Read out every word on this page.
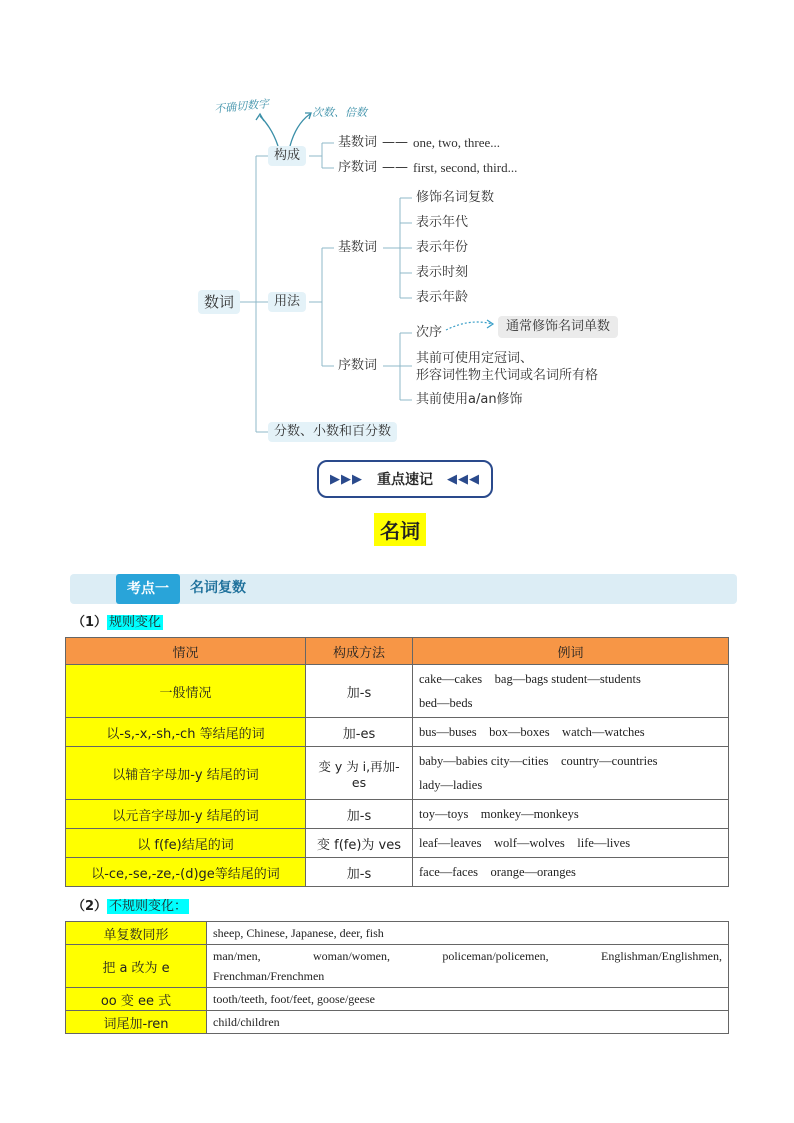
不确切数字	次数、倍数
数词
构成
用法
分数、小数和百分数
基数词 —— one, two, three...
序数词 —— first, second, third...
基数词
修饰名词复数
表示年代
表示年份
表示时刻
表示年龄
序数词
次序
其前可使用定冠词、
形容词性物主代词或名词所有格
其前使用a/an修饰
通常修饰名词单数
▶▶▶ 重点速记 ◀◀◀
名词
考点一	名词复数
（1） 规则变化
情况	构成方法	例词
一般情况	加-s	cake—cakes    bag—bags student—students
bed—beds

以-s,-x,-sh,-ch 等结尾的词	加-es	bus—buses    box—boxes    watch—watches

以辅音字母加-y 结尾的词	变 y 为 i,再加-es	baby—babies city—cities    country—countries
lady—ladies

以元音字母加-y 结尾的词	加-s	toy—toys    monkey—monkeys

以 f(fe)结尾的词	变 f(fe)为 ves	leaf—leaves    wolf—wolves    life—lives

以-ce,-se,-ze,-(d)ge等结尾的词	加-s	face—faces    orange—oranges
（2） 不规则变化：
单复数同形	sheep, Chinese, Japanese, deer, fish
把 a 改为 e	man/men, woman/women, policeman/policemen, Englishman/Englishmen,
Frenchman/Frenchmen

oo 变 ee 式	tooth/teeth, foot/feet, goose/geese
词尾加-ren	child/children
